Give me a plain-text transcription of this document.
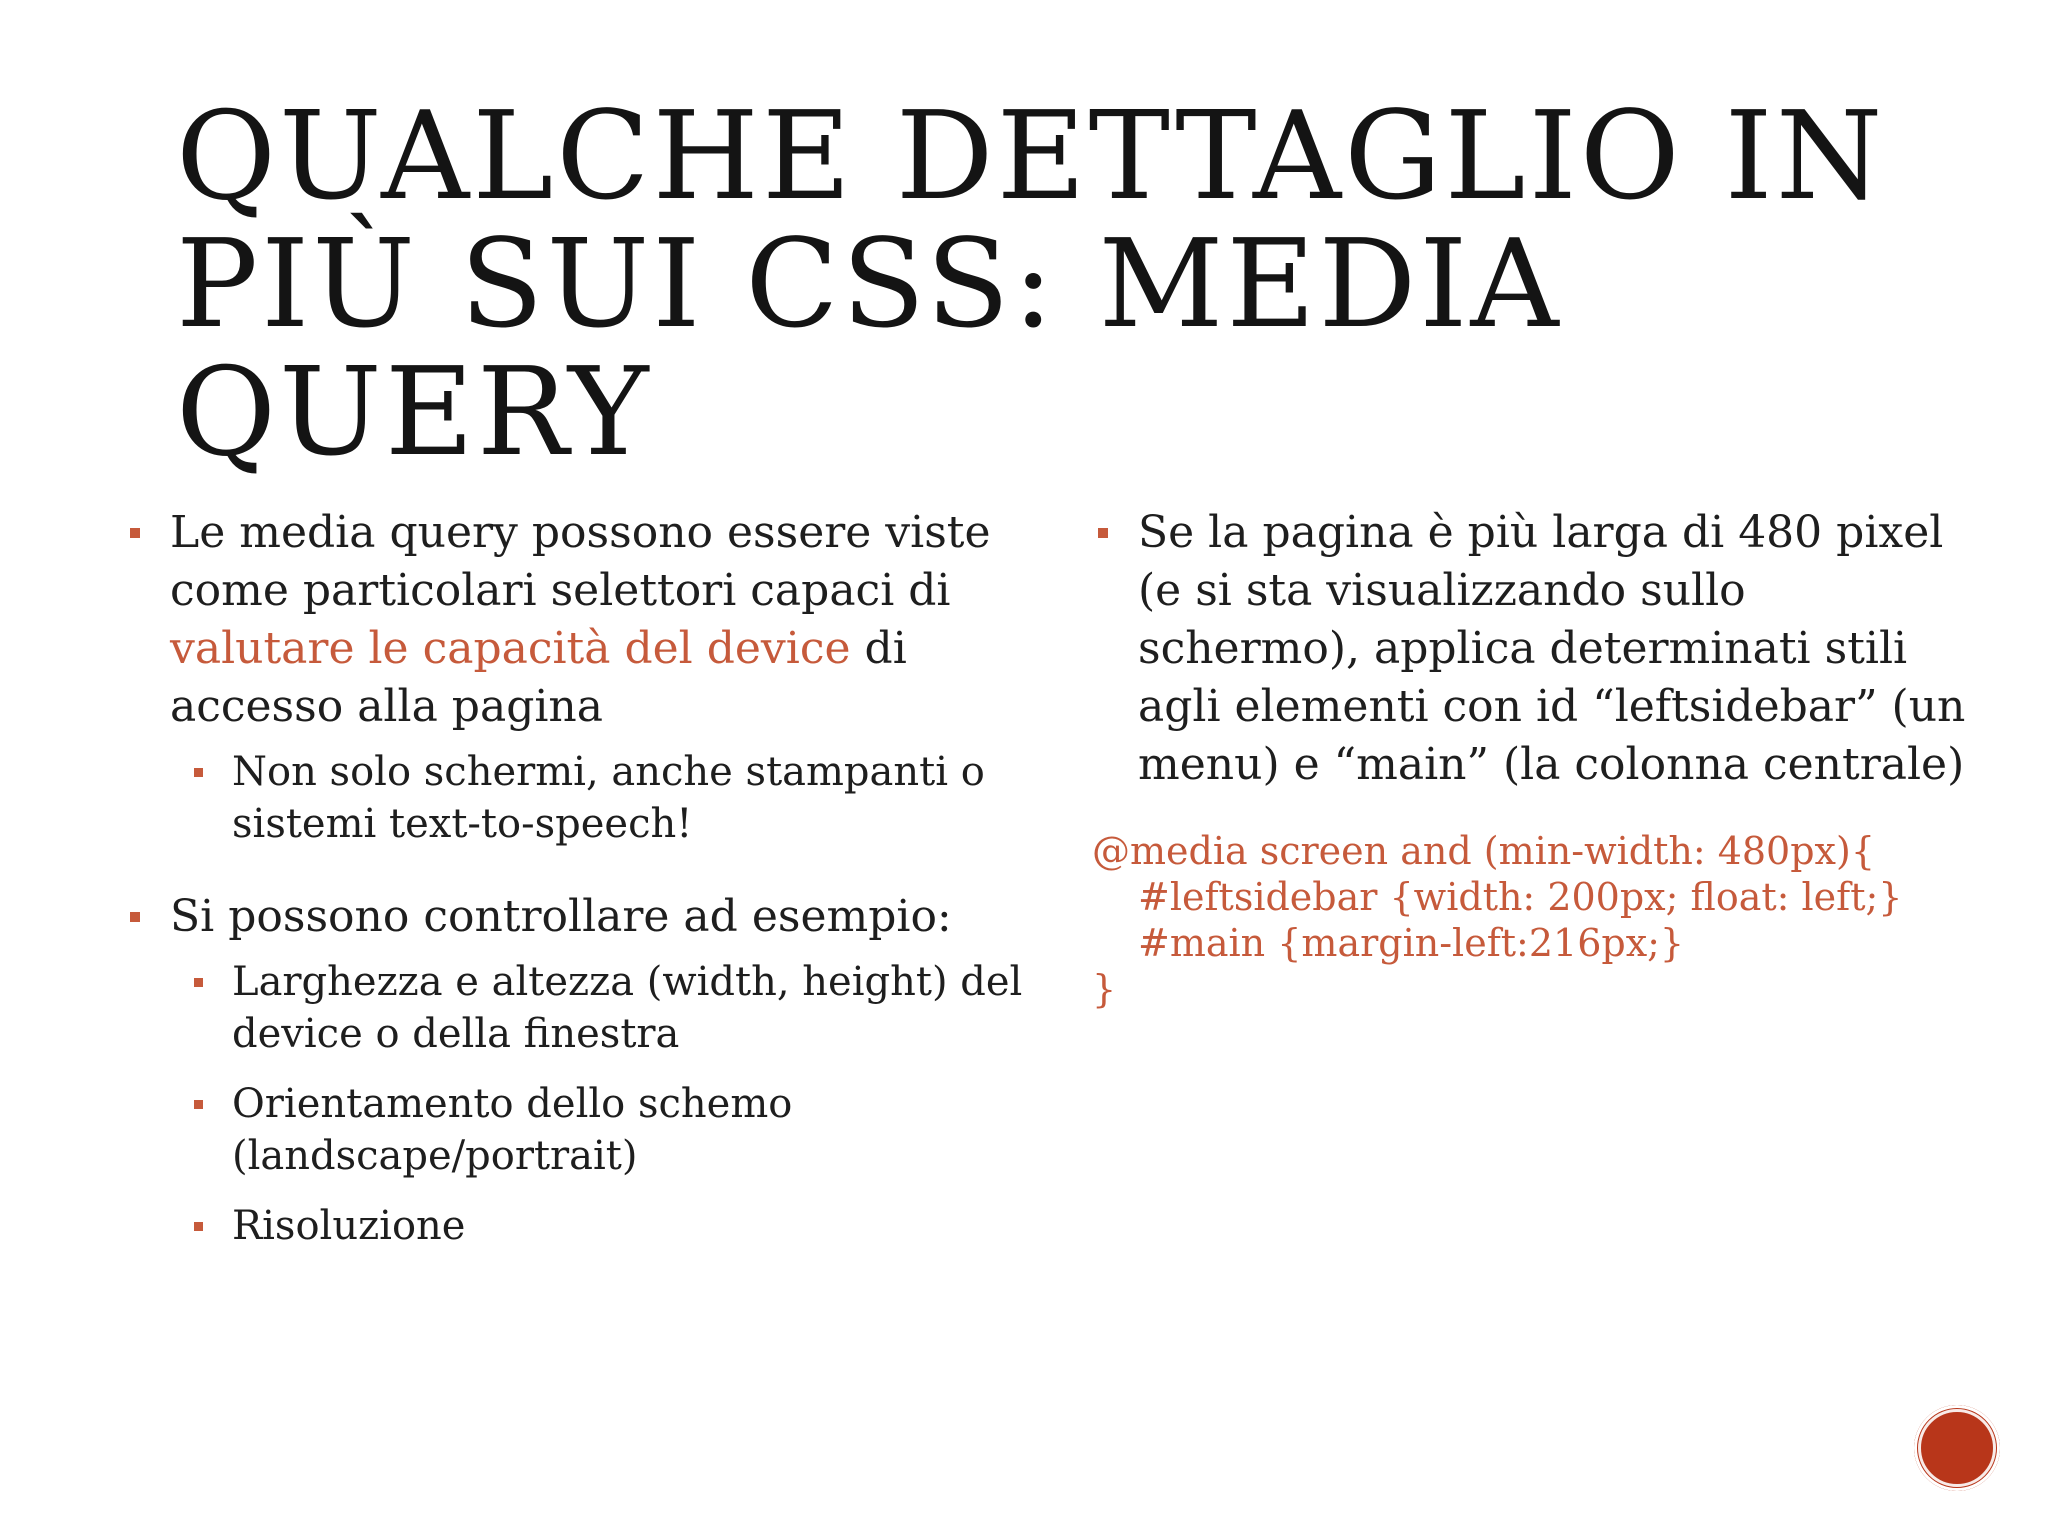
QUALCHE DETTAGLIO IN
PIÙ SUI CSS: MEDIA
QUERY
Le media query possono essere viste come particolari selettori capaci di valutare le capacità del device di accesso alla pagina
Non solo schermi, anche stampanti o sistemi text-to-speech!
Si possono controllare ad esempio:
Larghezza e altezza (width, height) del device o della finestra
Orientamento dello schemo (landscape/portrait)
Risoluzione
Se la pagina è più larga di 480 pixel (e si sta visualizzando sullo schermo), applica determinati stili agli elementi con id “leftsidebar” (un menu) e “main” (la colonna centrale)
@media screen and (min-width: 480px){
#leftsidebar {width: 200px; float: left;}
#main {margin-left:216px;}
}
